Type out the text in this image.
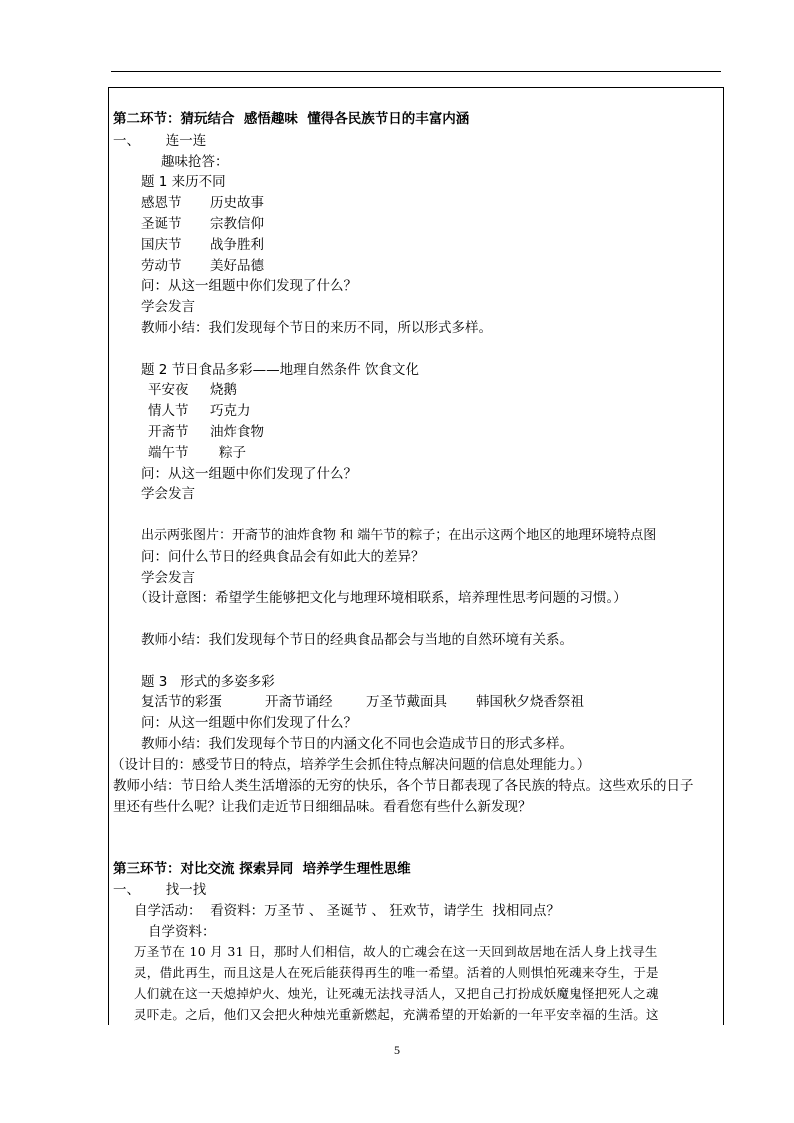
第二环节：猜玩结合  感悟趣味  懂得各民族节日的丰富内涵
一、      连一连
趣味抢答：
题 1 来历不同
感恩节 历史故事
圣诞节 宗教信仰
国庆节 战争胜利
劳动节 美好品德
问：从这一组题中你们发现了什么？
学会发言
教师小结：我们发现每个节日的来历不同，所以形式多样。
题 2 节日食品多彩——地理自然条件 饮食文化
平安夜 烧鹅
情人节 巧克力
开斋节 油炸食物
端午节 粽子
问：从这一组题中你们发现了什么？
学会发言
出示两张图片：开斋节的油炸食物 和 端午节的粽子；在出示这两个地区的地理环境特点图
问：问什么节日的经典食品会有如此大的差异？
学会发言
（设计意图：希望学生能够把文化与地理环境相联系，培养理性思考问题的习惯。）
教师小结：我们发现每个节日的经典食品都会与当地的自然环境有关系。
题 3   形式的多姿多彩
复活节的彩蛋	开斋节诵经 万圣节戴面具 韩国秋夕烧香祭祖
问：从这一组题中你们发现了什么？
教师小结：我们发现每个节日的内涵文化不同也会造成节日的形式多样。
（设计目的：感受节日的特点，培养学生会抓住特点解决问题的信息处理能力。）
教师小结：节日给人类生活增添的无穷的快乐，各个节日都表现了各民族的特点。这些欢乐的日子
里还有些什么呢？让我们走近节日细细品味。看看您有些什么新发现？
第三环节：对比交流 探索异同  培养学生理性思维
一、      找一找
自学活动：  看资料：万圣节 、 圣诞节 、 狂欢节，请学生  找相同点？
自学资料：
万圣节在 10 月 31 日，那时人们相信，故人的亡魂会在这一天回到故居地在活人身上找寻生
灵，借此再生，而且这是人在死后能获得再生的唯一希望。活着的人则惧怕死魂来夺生，于是
人们就在这一天熄掉炉火、烛光，让死魂无法找寻活人，又把自己打扮成妖魔鬼怪把死人之魂
灵吓走。之后，他们又会把火种烛光重新燃起，充满希望的开始新的一年平安幸福的生活。这
5
